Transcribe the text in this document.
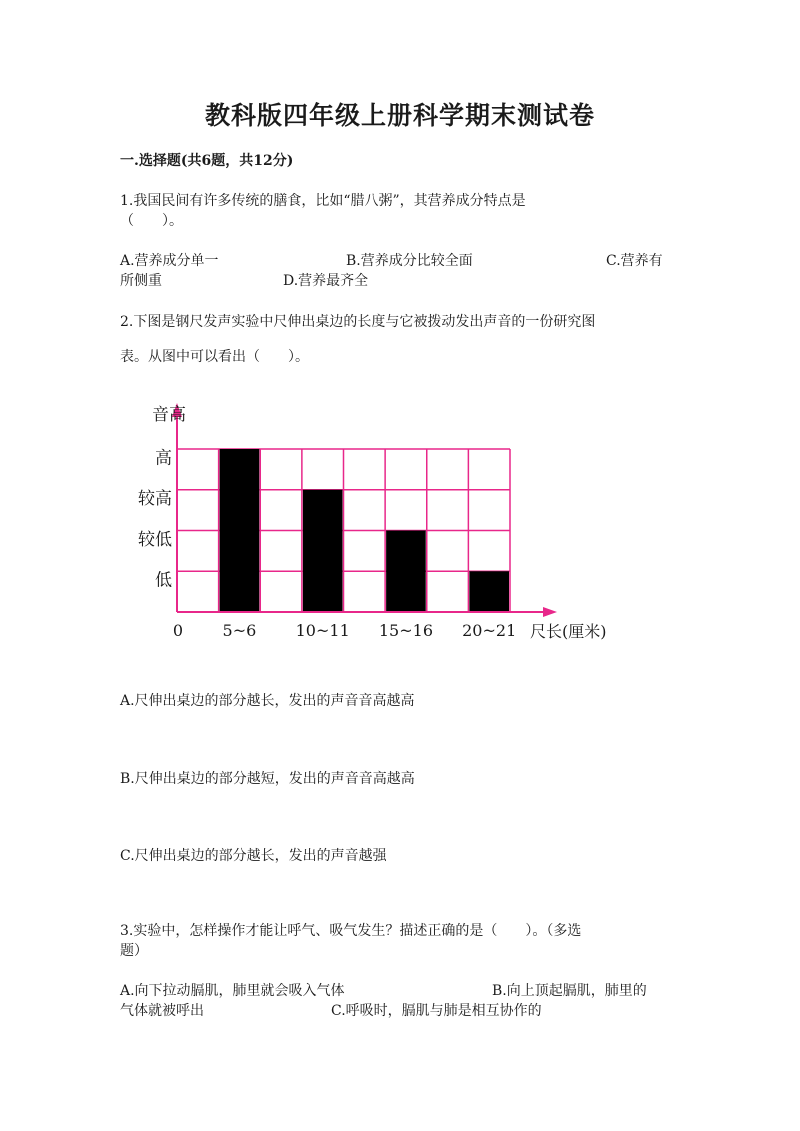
教科版四年级上册科学期末测试卷
一.选择题(共6题，共12分)
1.我国民间有许多传统的膳食，比如“腊八粥”，其营养成分特点是
（　　）。
A.营养成分单一	B.营养成分比较全面	C.营养有
所侧重	D.营养最齐全
2.下图是钢尺发声实验中尺伸出桌边的长度与它被拨动发出声音的一份研究图
表。从图中可以看出（　　）。
音高
0	尺长(厘米)
5~6 10~11 15~16 20~21
低
较低
较高
高
A.尺伸出桌边的部分越长，发出的声音音高越高
B.尺伸出桌边的部分越短，发出的声音音高越高
C.尺伸出桌边的部分越长，发出的声音越强
3.实验中，怎样操作才能让呼气、吸气发生？描述正确的是（　　）。（多选
题）
A.向下拉动膈肌，肺里就会吸入气体	B.向上顶起膈肌，肺里的
气体就被呼出	C.呼吸时，膈肌与肺是相互协作的
